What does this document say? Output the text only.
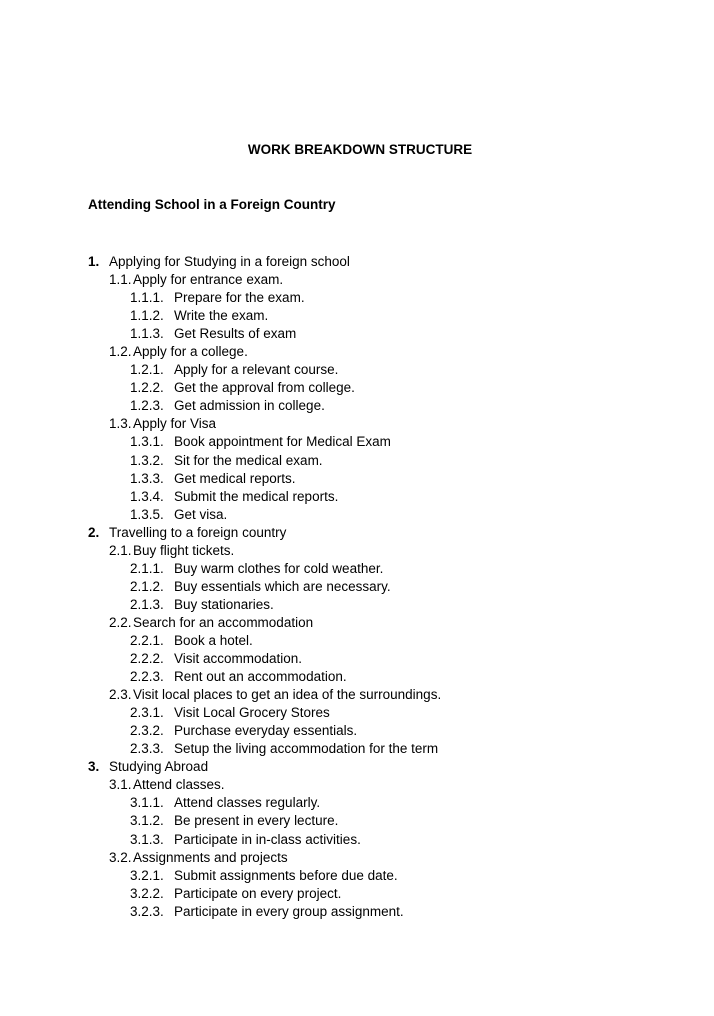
WORK BREAKDOWN STRUCTURE
Attending School in a Foreign Country
1. Applying for Studying in a foreign school
1.1. Apply for entrance exam.
1.1.1. Prepare for the exam.
1.1.2. Write the exam.
1.1.3. Get Results of exam
1.2. Apply for a college.
1.2.1. Apply for a relevant course.
1.2.2. Get the approval from college.
1.2.3. Get admission in college.
1.3. Apply for Visa
1.3.1. Book appointment for Medical Exam
1.3.2. Sit for the medical exam.
1.3.3. Get medical reports.
1.3.4. Submit the medical reports.
1.3.5. Get visa.
2. Travelling to a foreign country
2.1. Buy flight tickets.
2.1.1. Buy warm clothes for cold weather.
2.1.2. Buy essentials which are necessary.
2.1.3. Buy stationaries.
2.2. Search for an accommodation
2.2.1. Book a hotel.
2.2.2. Visit accommodation.
2.2.3. Rent out an accommodation.
2.3. Visit local places to get an idea of the surroundings.
2.3.1. Visit Local Grocery Stores
2.3.2. Purchase everyday essentials.
2.3.3. Setup the living accommodation for the term
3. Studying Abroad
3.1. Attend classes.
3.1.1. Attend classes regularly.
3.1.2. Be present in every lecture.
3.1.3. Participate in in-class activities.
3.2. Assignments and projects
3.2.1. Submit assignments before due date.
3.2.2. Participate on every project.
3.2.3. Participate in every group assignment.
